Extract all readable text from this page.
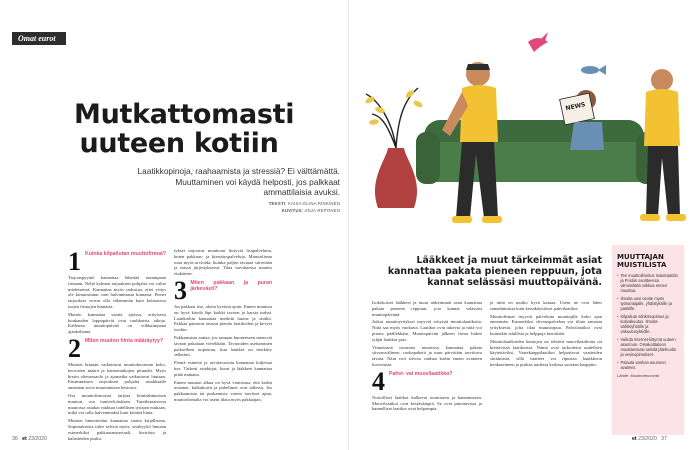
Omat eurot
Mutkattomasti
uuteen kotiin
Laatikkopinoja, raahaamista ja stressiä? Ei välttämättä. Muuttaminen voi käydä helposti, jos palkkaat ammattilaisia avuksi.
TEKSTI: KAISA-ELINA RINKINEN
KUVITUS: ANJA REPONEN
1 Kuinka kilpailutan muuttofirmat?

Tarjouspyyntö kannattaa lähettää useampaan firmaan. Neljä kolmen tarjouksen pohjalta voi valita mieleisensä. Kannattaa myös tarkistaa, ettei yritys ole kiinnostunut vain halvimmasta hinnasta. Pienet tarjoukset voivat olla vähemmän kuin kolmasosa isojen firmojen hinnasta.

Muutto kannattaa varata ajoissa, erityisesti kuukauden loppupäivät ovat ruuhkaisia aikoja. Kalleinta muuttopäivää on vilkkaimpana ajankohtana.

2 Miten muuton hinta määräytyy?

Muuton hintaan vaikuttavat muuttokuorman koko, kerrosten määrä ja kantomatkojen pituudet. Myös hissin olemassaolo ja ajomatka vaikuttavat hintaan. Ensimmäisen tarjouksen pohjalta asiakkaalle annetaan arvio muuttamisen kestosta.

Osa muuttofirmoista tarjoaa kiinteähintaisen muuton, osa tuntiveloituksen. Tuntihintaisessa muutossa asiakas maksaa todellisen työajan mukaan, mikä voi tulla halvemmaksi kuin kiinteä hinta.

Muuton hinnoittelun kannattaa vaatia kirjallisena. Sopimuksesta tulee selvitä myös, sisältyykö hintaan esimerkiksi pakkausmateriaali, kierrätys ja kalusteiden purku.

tykset tarjoavat muuttoon liittyviä lisäpalveluita, kuten pakkaus- ja kierrätyspalveluja. Muuttofirma osaa myös arvioida, kuinka paljon tavaraa siirretään ja missä järjestyksessä. Tilaa tarvittaessa muutto etukäteen.

3 Miten pakkaan ja puran järkevästi?

Jos pakkaat itse, aloita hyvissä ajoin. Ennen muuttoa on hyvä käydä läpi kaikki tavarat ja karsia turhat. Laatikoihin kannattaa merkitä huone ja sisältö. Pakkaa painavat tavarat pieniin laatikoihin ja kevyet isoihin.

Pakkaamista auttaa, jos samaan huoneeseen menevät tavarat pakataan vierekkäin. Tavaroiden asettaminen paikoilleen nopeutuu, kun laatikot on merkitty selkeästi.

Pieniä esineitä ja arvotavaroita kannattaa kuljettaa itse. Tärkeät asiakirjat, korut ja lääkkeet kannattaa pitää mukana.

Ennen muuton alkua on hyvä varmistaa, että kodin avaimet, kulkukortit ja puhelimet ovat tallessa. Jos pakkaamista tai purkamista varten tarvitset apua, muuttofirmalta voi usein tilata myös pakkaajan.

36 et 23/2020
NEWS
Lääkkeet ja muut tärkeimmät asiat kannattaa pakata pieneen reppuun, jota kannat selässäsi muuttopäivänä.

Isokokoiset lääkkeet ja muut tärkeimmät asiat kannattaa pakata pieneen reppuun, jota kannat selässäsi muuttopäivänä.

Jotkut muuttoyritykset myyvät erityisiä muuttolaatikoita. Niitä saa myös vuokrata. Laatikot ovat tukevia ja niitä voi pinota päällekkäin. Muuttopäivän jälkeen firma hakee tyhjät laatikot pois.

Viimeisenä tavarana muutossa kannattaa pakata siivousvälineet, ruokapaketit ja muu päivittäin tarvittava tavara. Näin voit siivota vanhan kodin ennen avainten luovutusta.

4 Pahvi- vai muovilaatikko?

Nostolliset laatikot kulkevat tuomiseen ja kantamiseen. Muovilaatikot ovat kestävämpiä. Se ovat pinottavissa ja kannelliset laatikot ovat helpompia.

ja niitä on moiko hyvä kantaa. Usein ne ovat lähes samahintaisia kuin kertakäyttöiset pahvilaatikot.

Muuttofirmat myyvät palveluita muuttajille koko ajan enemmän. Esimerkiksi siivouspalvelun voi tilata samasta yrityksestä, jolta tilaa muuttoapua. Pahvilaatikot ovat kuitenkin edullisia ja helppoja kierrättää.

Muuttolaatikoiden kantojen on tehtävä muovilaatikoita tai kiertävissä laatikoissa. Nämä ovat tarkoitetut uudelleen käytettäviksi. Vaatekaappilaatikot helpottavat vaatteiden siirtämistä, sillä vaatteet voi ripustaa laatikkoon henkareineen ja purkaa uudessa kodissa suoraan kaappiin.

MUUTTAJAN MUISTILISTA
• Tee muuttoilmoitus maistraattiin ja Postiin osoitteessa viimeistään viikkoa ennen muuttoa.
• Ilmoita uusi osoite myös työnantajalle, yhdistyksille ja pankille.
• Kilpailuta sähkösopimus ja kotivakuutus. Ilmoita sähköyhtiölle ja vakuutusyhtiölle.
• Vaihda Internet-liittymä uuteen asuntoon. Omakotitaloon muuttaessasi selvitä jätehuolto ja vesisopimukset.
• Palauta vanhan asunnon avaimet.
Lähde: Muuttoneuvonta
et 23/2020 37
